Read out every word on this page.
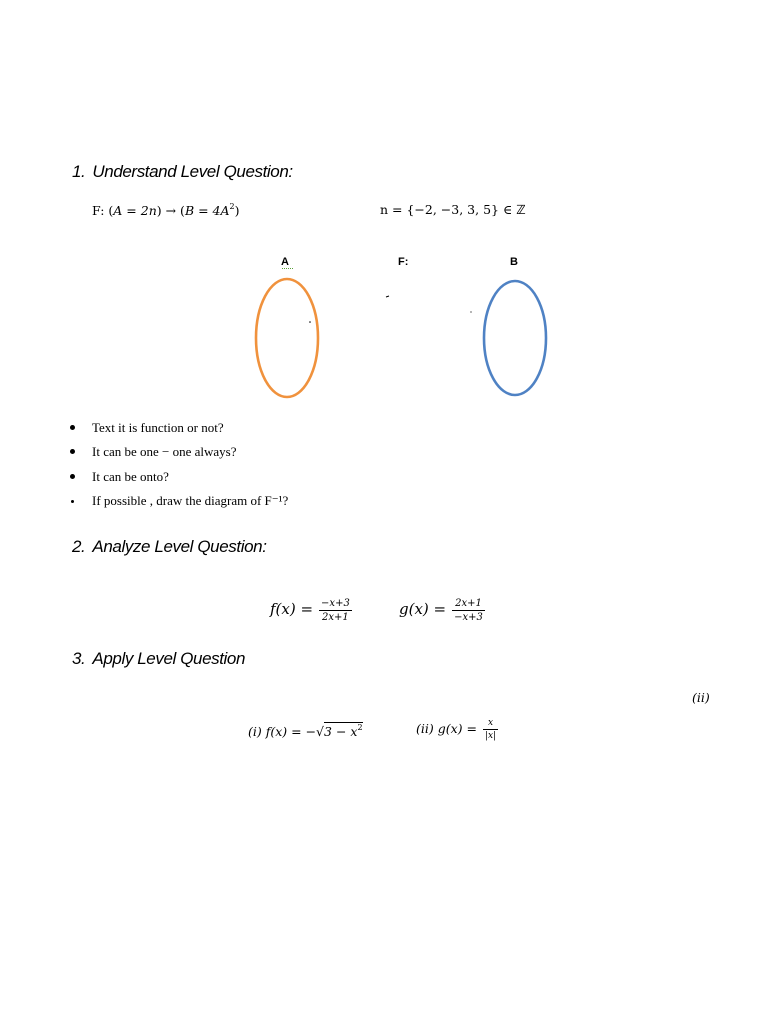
1. Understand Level Question:
F: $(A = 2n) \to (B = 4A^2)$	n = {−2, −3, 3, 5} ∈ ℤ
A	F:	B
Text it is function or not?
It can be one − one always?
It can be onto?
If possible , draw the diagram of F⁻¹?
2. Analyze Level Question:
$f(x) = \frac{-x+3}{2x+1}$	$g(x) = \frac{2x+1}{-x+3}$
3. Apply Level Question
(ii)
(i) $f(x) = -√3 - x^2$	(ii) $g(x) = \frac{x}{|x|}$
